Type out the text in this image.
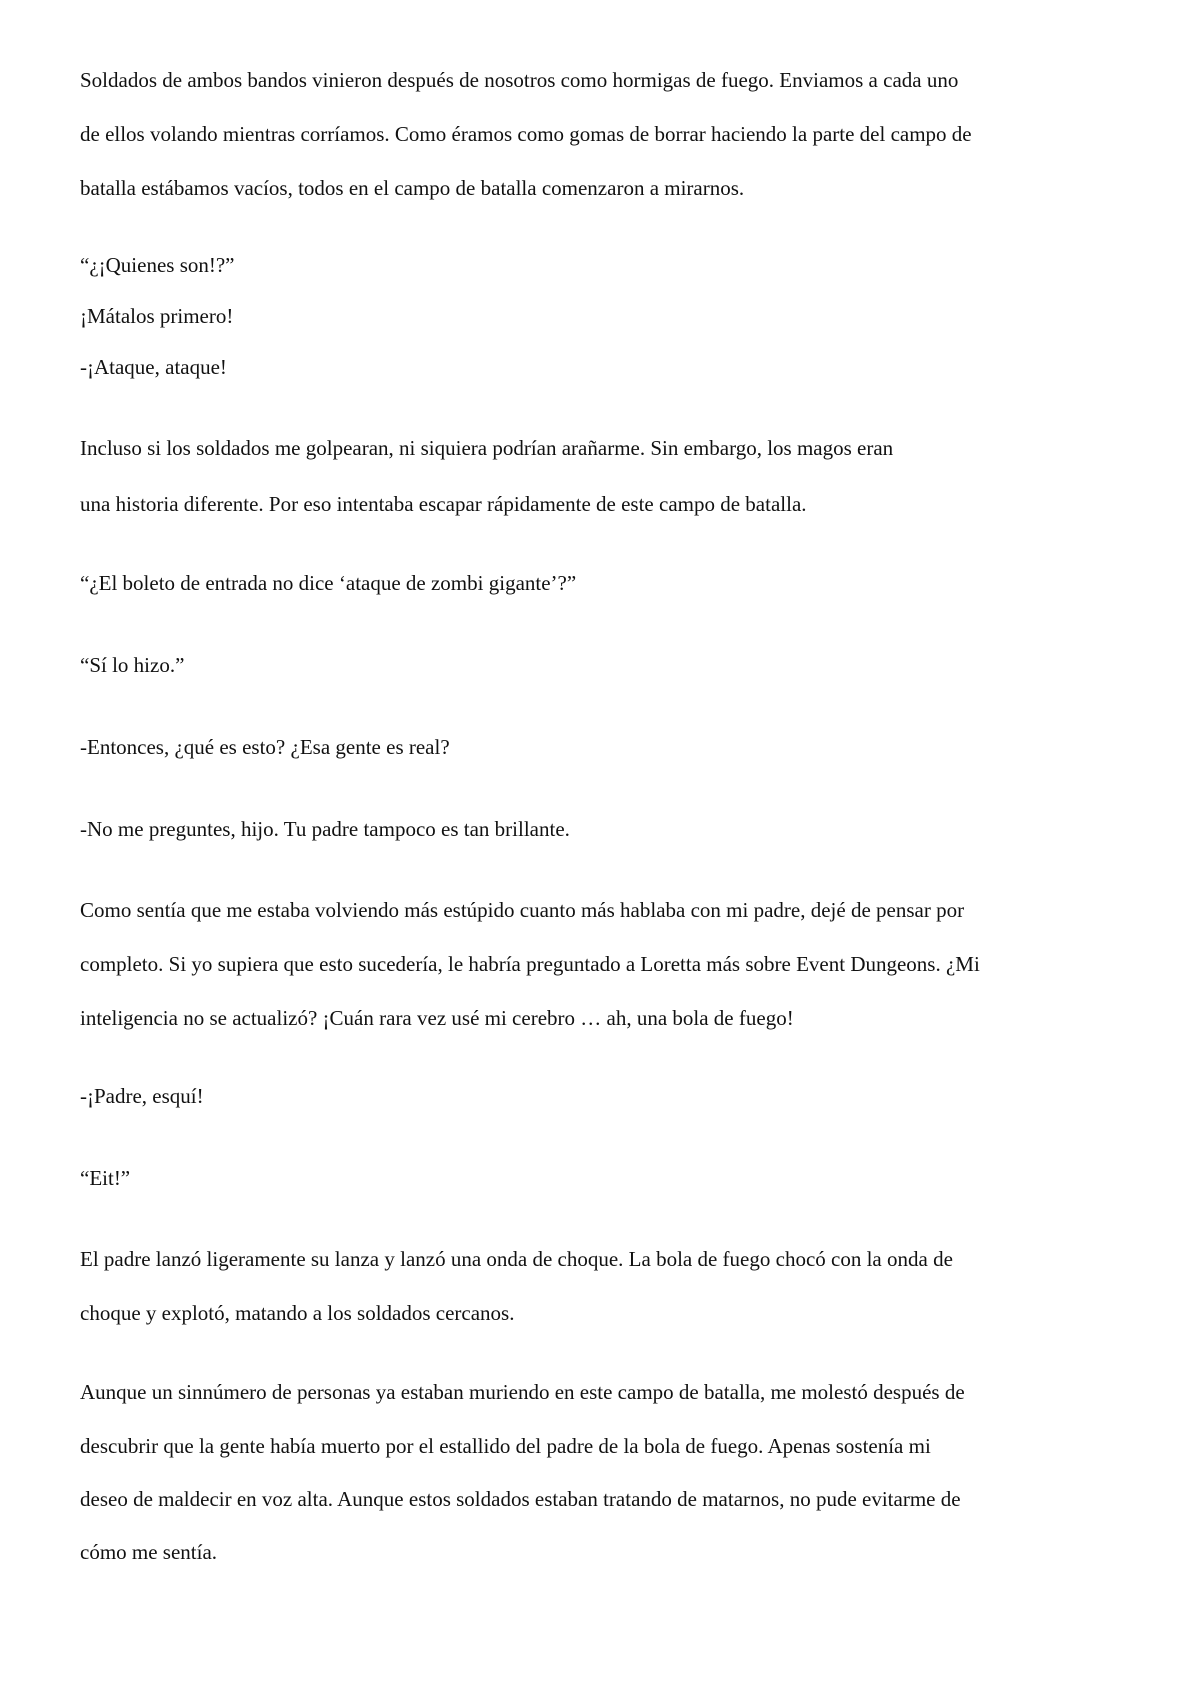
Soldados de ambos bandos vinieron después de nosotros como hormigas de fuego. Enviamos a cada uno

de ellos volando mientras corríamos. Como éramos como gomas de borrar haciendo la parte del campo de

batalla estábamos vacíos, todos en el campo de batalla comenzaron a mirarnos.

“¿¡Quienes son!?”

¡Mátalos primero!

-¡Ataque, ataque!

Incluso si los soldados me golpearan, ni siquiera podrían arañarme. Sin embargo, los magos eran

una historia diferente. Por eso intentaba escapar rápidamente de este campo de batalla.

“¿El boleto de entrada no dice ‘ataque de zombi gigante’?”

“Sí lo hizo.”

-Entonces, ¿qué es esto? ¿Esa gente es real?

-No me preguntes, hijo. Tu padre tampoco es tan brillante.

Como sentía que me estaba volviendo más estúpido cuanto más hablaba con mi padre, dejé de pensar por

completo. Si yo supiera que esto sucedería, le habría preguntado a Loretta más sobre Event Dungeons. ¿Mi

inteligencia no se actualizó? ¡Cuán rara vez usé mi cerebro … ah, una bola de fuego!

-¡Padre, esquí!

“Eit!”

El padre lanzó ligeramente su lanza y lanzó una onda de choque. La bola de fuego chocó con la onda de

choque y explotó, matando a los soldados cercanos.

Aunque un sinnúmero de personas ya estaban muriendo en este campo de batalla, me molestó después de

descubrir que la gente había muerto por el estallido del padre de la bola de fuego. Apenas sostenía mi

deseo de maldecir en voz alta. Aunque estos soldados estaban tratando de matarnos, no pude evitarme de

cómo me sentía.
